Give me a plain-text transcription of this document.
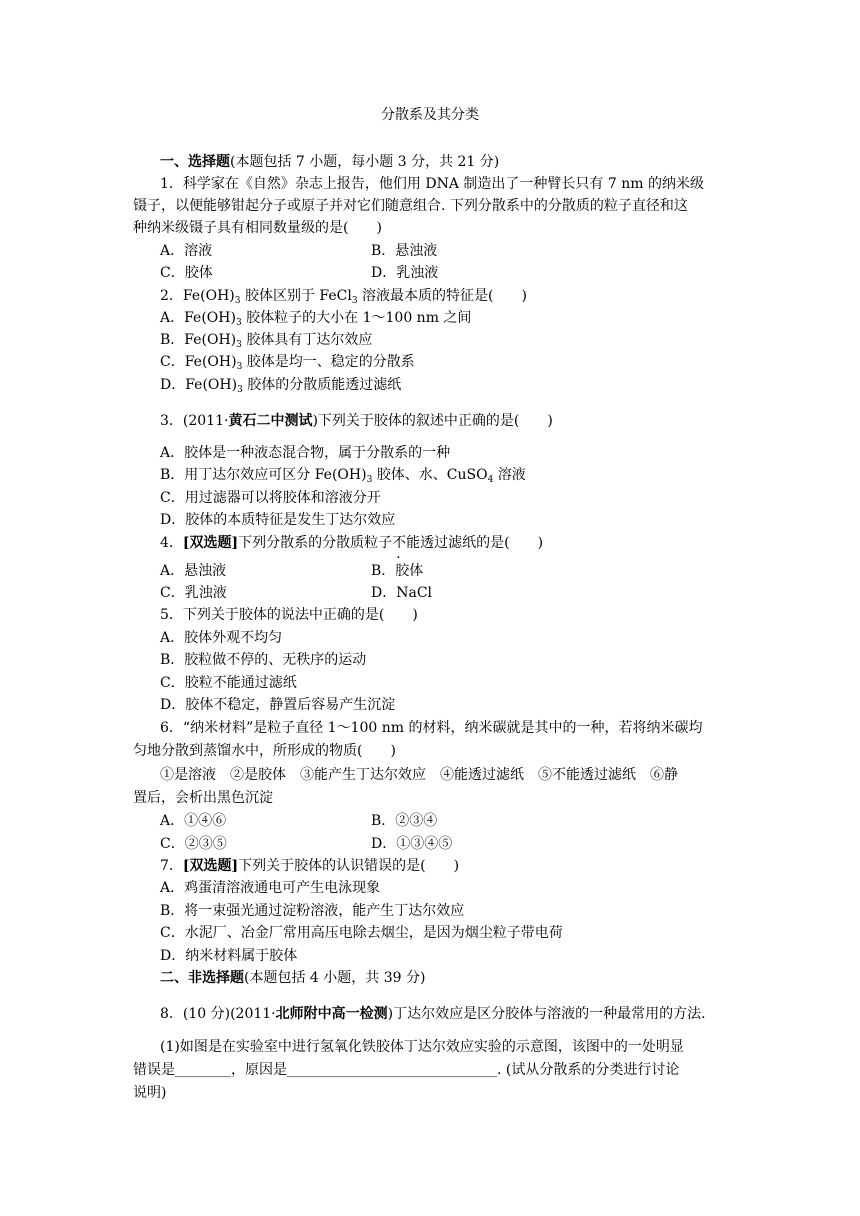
分散系及其分类
一、选择题(本题包括 7 小题，每小题 3 分，共 21 分)
1．科学家在《自然》杂志上报告，他们用 DNA 制造出了一种臂长只有 7 nm 的纳米级
镊子，以便能够钳起分子或原子并对它们随意组合. 下列分散系中的分散质的粒子直径和这
种纳米级镊子具有相同数量级的是(　　)
A．溶液	B．悬浊液
C．胶体	D．乳浊液
2．$Fe(OH)_3$ 胶体区别于 FeCl$_3$ 溶液最本质的特征是(　　)
A．$Fe(OH)_3$ 胶体粒子的大小在 1～100 nm 之间
B．$Fe(OH)_3$ 胶体具有丁达尔效应
C．$Fe(OH)_3$ 胶体是均一、稳定的分散系
D．$Fe(OH)_3$ 胶体的分散质能透过滤纸
3．(2011·黄石二中测试)下列关于胶体的叙述中正确的是(　　)
A．胶体是一种液态混合物，属于分散系的一种
B．用丁达尔效应可区分 $Fe(OH)_3$ 胶体、水、CuSO$_4$ 溶液
C．用过滤器可以将胶体和溶液分开
D．胶体的本质特征是发生丁达尔效应
4．[双选题]下列分散系的分散质粒子不能透过滤纸的是(　　)
A．悬浊液	B．胶体
C．乳浊液	D．NaCl
5．下列关于胶体的说法中正确的是(　　)
A．胶体外观不均匀
B．胶粒做不停的、无秩序的运动
C．胶粒不能通过滤纸
D．胶体不稳定，静置后容易产生沉淀
6．“纳米材料”是粒子直径 1～100 nm 的材料，纳米碳就是其中的一种，若将纳米碳均
匀地分散到蒸馏水中，所形成的物质(　　)
①是溶液　②是胶体　③能产生丁达尔效应　④能透过滤纸　⑤不能透过滤纸　⑥静
置后，会析出黑色沉淀
A．①④⑥	B．②③④
C．②③⑤	D．①③④⑤
7．[双选题]下列关于胶体的认识错误的是(　　)
A．鸡蛋清溶液通电可产生电泳现象
B．将一束强光通过淀粉溶液，能产生丁达尔效应
C．水泥厂、冶金厂常用高压电除去烟尘，是因为烟尘粒子带电荷
D．纳米材料属于胶体
二、非选择题(本题包括 4 小题，共 39 分)
8．(10 分)(2011·北师附中高一检测)丁达尔效应是区分胶体与溶液的一种最常用的方法.
(1)如图是在实验室中进行氢氧化铁胶体丁达尔效应实验的示意图，该图中的一处明显
错误是________，原因是______________________________. (试从分散系的分类进行讨论
说明)
